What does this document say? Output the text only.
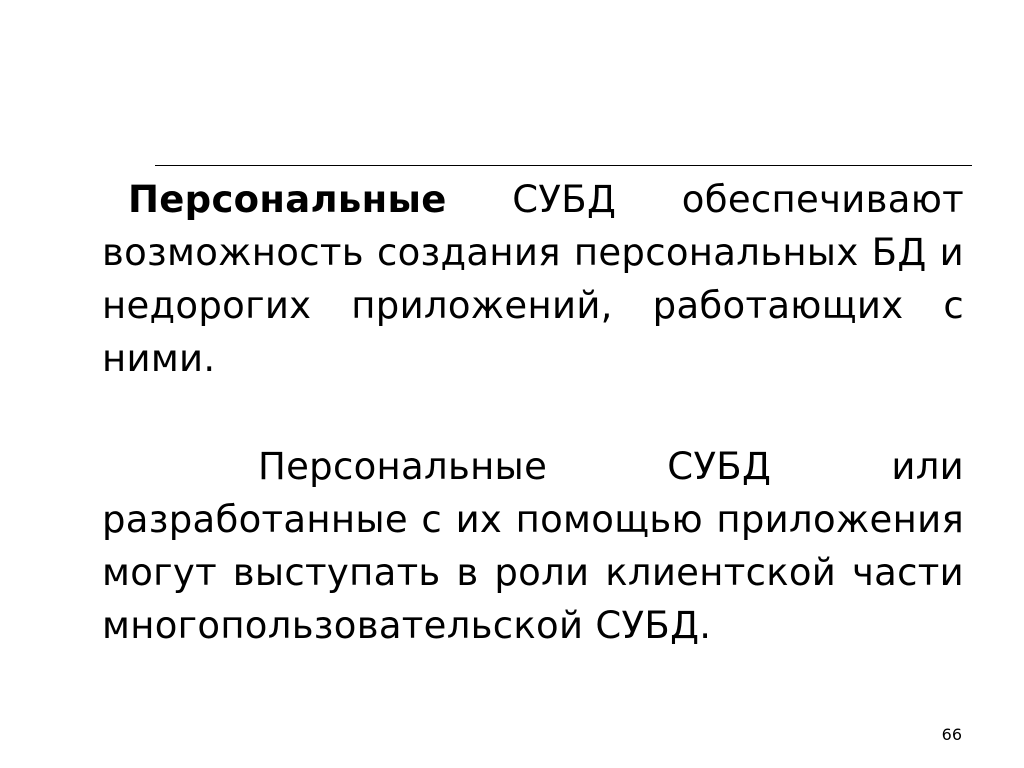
Персональные СУБД обеспечивают возможность создания персональных БД и недорогих приложений, работающих с ними.
Персональные СУБД или разработанные с их помощью приложения могут выступать в роли клиентской части многопользовательской СУБД.
66
